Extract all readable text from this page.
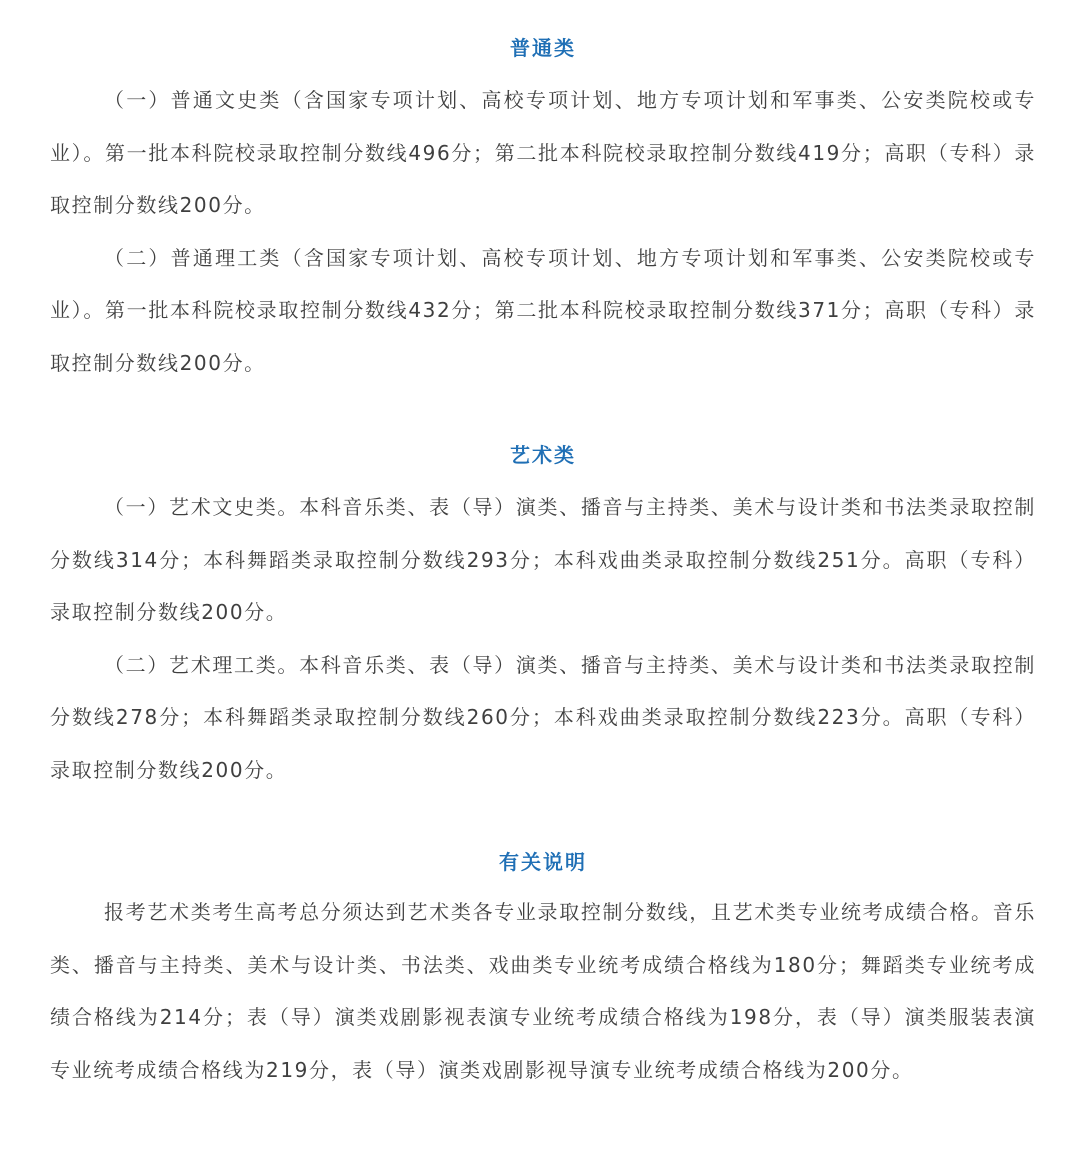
普通类

（一）普通文史类（含国家专项计划、高校专项计划、地方专项计划和军事类、公安类院校或专业）。第一批本科院校录取控制分数线496分；第二批本科院校录取控制分数线419分；高职（专科）录取控制分数线200分。

（二）普通理工类（含国家专项计划、高校专项计划、地方专项计划和军事类、公安类院校或专业）。第一批本科院校录取控制分数线432分；第二批本科院校录取控制分数线371分；高职（专科）录取控制分数线200分。

艺术类

（一）艺术文史类。本科音乐类、表（导）演类、播音与主持类、美术与设计类和书法类录取控制分数线314分；本科舞蹈类录取控制分数线293分；本科戏曲类录取控制分数线251分。高职（专科）录取控制分数线200分。

（二）艺术理工类。本科音乐类、表（导）演类、播音与主持类、美术与设计类和书法类录取控制分数线278分；本科舞蹈类录取控制分数线260分；本科戏曲类录取控制分数线223分。高职（专科）录取控制分数线200分。

有关说明

报考艺术类考生高考总分须达到艺术类各专业录取控制分数线，且艺术类专业统考成绩合格。音乐类、播音与主持类、美术与设计类、书法类、戏曲类专业统考成绩合格线为180分；舞蹈类专业统考成绩合格线为214分；表（导）演类戏剧影视表演专业统考成绩合格线为198分，表（导）演类服装表演专业统考成绩合格线为219分，表（导）演类戏剧影视导演专业统考成绩合格线为200分。
